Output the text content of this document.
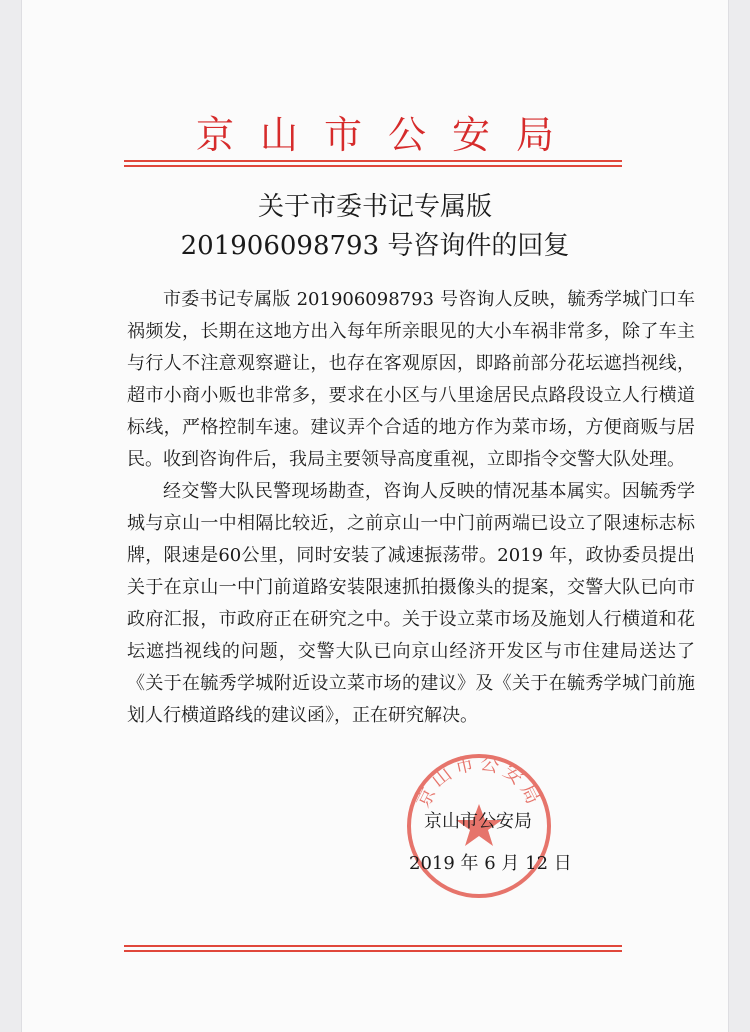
京山市公安局
关于市委书记专属版
201906098793 号咨询件的回复

市委书记专属版 201906098793 号咨询人反映，毓秀学城门口车祸频发，长期在这地方出入每年所亲眼见的大小车祸非常多，除了车主与行人不注意观察避让，也存在客观原因，即路前部分花坛遮挡视线，超市小商小贩也非常多，要求在小区与八里途居民点路段设立人行横道标线，严格控制车速。建议弄个合适的地方作为菜市场，方便商贩与居民。收到咨询件后，我局主要领导高度重视，立即指令交警大队处理。

经交警大队民警现场勘查，咨询人反映的情况基本属实。因毓秀学城与京山一中相隔比较近，之前京山一中门前两端已设立了限速标志标牌，限速是60公里，同时安装了减速振荡带。2019 年，政协委员提出关于在京山一中门前道路安装限速抓拍摄像头的提案，交警大队已向市政府汇报，市政府正在研究之中。关于设立菜市场及施划人行横道和花坛遮挡视线的问题，交警大队已向京山经济开发区与市住建局送达了《关于在毓秀学城附近设立菜市场的建议》及《关于在毓秀学城门前施划人行横道路线的建议函》，正在研究解决。

京山市公安局
京山市公安局
2019 年 6 月 12 日
